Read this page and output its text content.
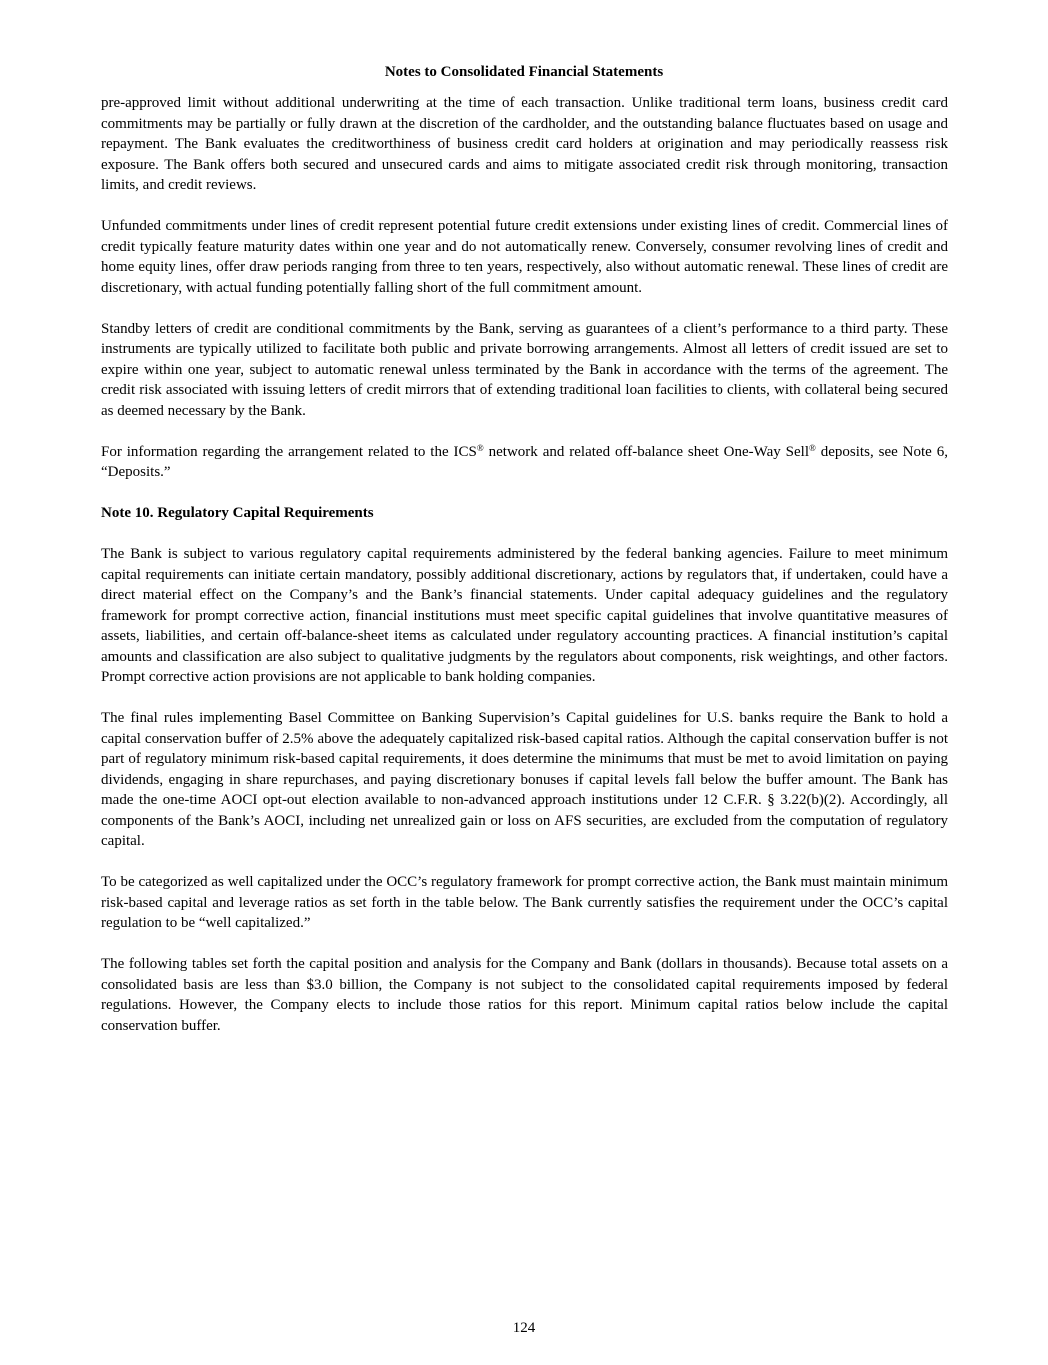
Notes to Consolidated Financial Statements

pre-approved limit without additional underwriting at the time of each transaction. Unlike traditional term loans, business credit card commitments may be partially or fully drawn at the discretion of the cardholder, and the outstanding balance fluctuates based on usage and repayment. The Bank evaluates the creditworthiness of business credit card holders at origination and may periodically reassess risk exposure. The Bank offers both secured and unsecured cards and aims to mitigate associated credit risk through monitoring, transaction limits, and credit reviews.

Unfunded commitments under lines of credit represent potential future credit extensions under existing lines of credit. Commercial lines of credit typically feature maturity dates within one year and do not automatically renew. Conversely, consumer revolving lines of credit and home equity lines, offer draw periods ranging from three to ten years, respectively, also without automatic renewal. These lines of credit are discretionary, with actual funding potentially falling short of the full commitment amount.

Standby letters of credit are conditional commitments by the Bank, serving as guarantees of a client’s performance to a third party. These instruments are typically utilized to facilitate both public and private borrowing arrangements. Almost all letters of credit issued are set to expire within one year, subject to automatic renewal unless terminated by the Bank in accordance with the terms of the agreement. The credit risk associated with issuing letters of credit mirrors that of extending traditional loan facilities to clients, with collateral being secured as deemed necessary by the Bank.

For information regarding the arrangement related to the ICS® network and related off-balance sheet One-Way Sell® deposits, see Note 6, “Deposits.”

Note 10. Regulatory Capital Requirements

The Bank is subject to various regulatory capital requirements administered by the federal banking agencies. Failure to meet minimum capital requirements can initiate certain mandatory, possibly additional discretionary, actions by regulators that, if undertaken, could have a direct material effect on the Company’s and the Bank’s financial statements. Under capital adequacy guidelines and the regulatory framework for prompt corrective action, financial institutions must meet specific capital guidelines that involve quantitative measures of assets, liabilities, and certain off-balance-sheet items as calculated under regulatory accounting practices. A financial institution’s capital amounts and classification are also subject to qualitative judgments by the regulators about components, risk weightings, and other factors. Prompt corrective action provisions are not applicable to bank holding companies.

The final rules implementing Basel Committee on Banking Supervision’s Capital guidelines for U.S. banks require the Bank to hold a capital conservation buffer of 2.5% above the adequately capitalized risk-based capital ratios. Although the capital conservation buffer is not part of regulatory minimum risk-based capital requirements, it does determine the minimums that must be met to avoid limitation on paying dividends, engaging in share repurchases, and paying discretionary bonuses if capital levels fall below the buffer amount. The Bank has made the one-time AOCI opt-out election available to non-advanced approach institutions under 12 C.F.R. § 3.22(b)(2). Accordingly, all components of the Bank’s AOCI, including net unrealized gain or loss on AFS securities, are excluded from the computation of regulatory capital.

To be categorized as well capitalized under the OCC’s regulatory framework for prompt corrective action, the Bank must maintain minimum risk-based capital and leverage ratios as set forth in the table below. The Bank currently satisfies the requirement under the OCC’s capital regulation to be “well capitalized.”

The following tables set forth the capital position and analysis for the Company and Bank (dollars in thousands). Because total assets on a consolidated basis are less than $3.0 billion, the Company is not subject to the consolidated capital requirements imposed by federal regulations. However, the Company elects to include those ratios for this report. Minimum capital ratios below include the capital conservation buffer.

124
